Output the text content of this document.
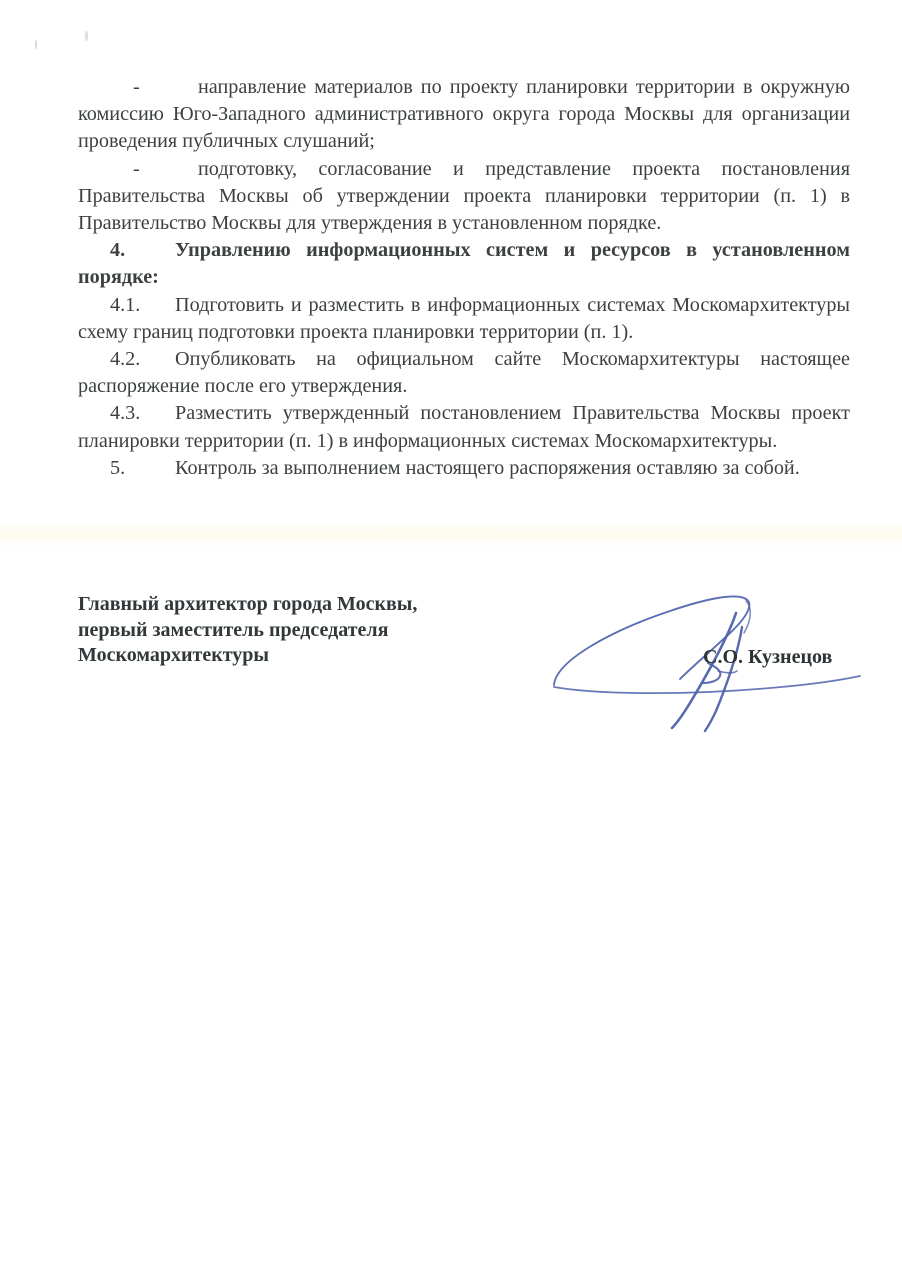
-	направление материалов по проекту планировки территории в окружную комиссию Юго-Западного административного округа города Москвы для организации проведения публичных слушаний;

-	подготовку, согласование и представление проекта постановления Правительства Москвы об утверждении проекта планировки территории (п. 1) в Правительство Москвы для утверждения в установленном порядке.

4. Управлению информационных систем и ресурсов в установленном порядке:

4.1. Подготовить и разместить в информационных системах Москомархитектуры схему границ подготовки проекта планировки территории (п. 1).

4.2. Опубликовать на официальном сайте Москомархитектуры настоящее распоряжение после его утверждения.

4.3. Разместить утвержденный постановлением Правительства Москвы проект планировки территории (п. 1) в информационных системах Москомархитектуры.

5. Контроль за выполнением настоящего распоряжения оставляю за собой.

Главный архитектор города Москвы,

первый заместитель председателя

Москомархитектуры	С.О. Кузнецов
